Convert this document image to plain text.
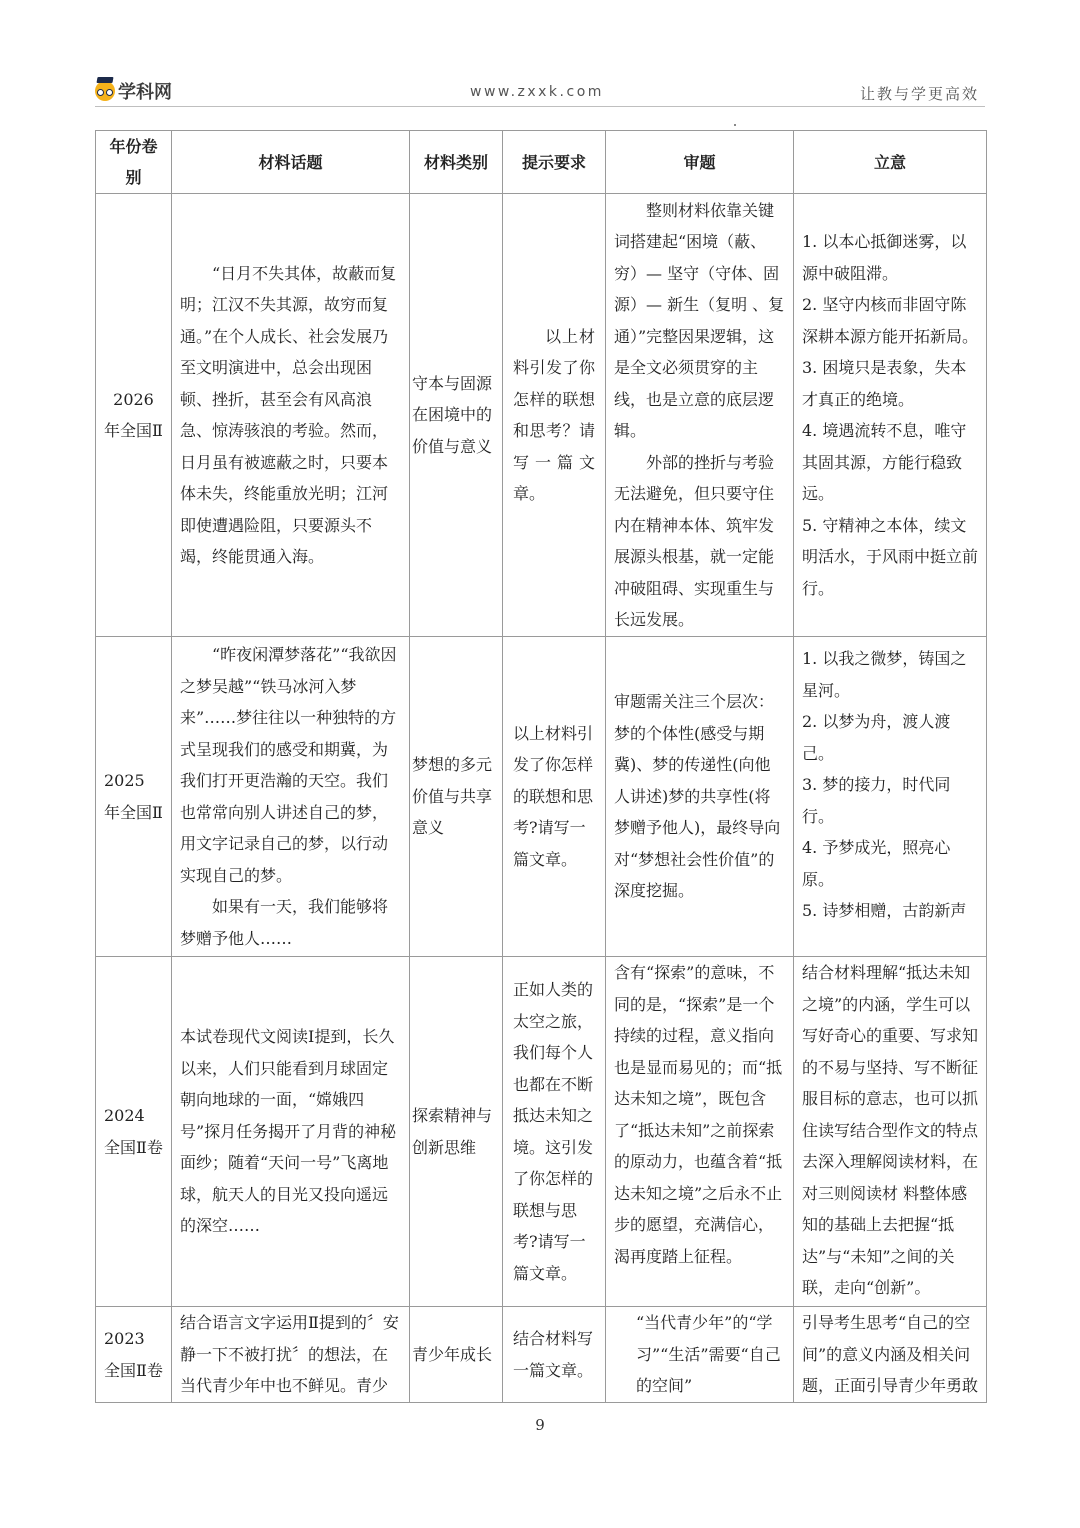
学科网	www.zxxk.com	让教与学更高效
年份卷别	材料话题	材料类别	提示要求	审题	立意
2026 年全国Ⅱ	“日月不失其体，故蔽而复明；江汉不失其源，故穷而复通。”在个人成长、社会发展乃至文明演进中，总会出现困顿、挫折，甚至会有风高浪急、惊涛骇浪的考验。然而，日月虽有被遮蔽之时，只要本体未失，终能重放光明；江河即使遭遇险阻，只要源头不竭，终能贯通入海。	守本与固源在困境中的价值与意义	以上材料引发了你怎样的联想和思考？请写一篇文章。	整则材料依靠关键词搭建起“困境（蔽、穷）— 坚守（守体、固源）— 新生（复明 、复通）”完整因果逻辑，这是全文必须贯穿的主线，也是立意的底层逻辑。
外部的挫折与考验无法避免，但只要守住内在精神本体、筑牢发展源头根基，就一定能冲破阻碍、实现重生与长远发展。	1. 以本心抵御迷雾，以源中破阻滞。
2. 坚守内核而非固守陈深耕本源方能开拓新局。
3. 困境只是表象，失本才真正的绝境。
4. 境遇流转不息，唯守其固其源，方能行稳致远。
5. 守精神之本体，续文明活水，于风雨中挺立前行。

2025 年全国Ⅱ	“昨夜闲潭梦落花”“我欲因之梦吴越”“铁马冰河入梦来”……梦往往以一种独特的方式呈现我们的感受和期冀，为我们打开更浩瀚的天空。我们也常常向别人讲述自己的梦，用文字记录自己的梦，以行动实现自己的梦。
如果有一天，我们能够将梦赠予他人……	梦想的多元价值与共享意义	以上材料引发了你怎样的联想和思考?请写一篇文章。	审题需关注三个层次：梦的个体性(感受与期冀)、梦的传递性(向他人讲述)梦的共享性(将梦赠予他人)，最终导向对“梦想社会性价值”的深度挖掘。	1. 以我之微梦，铸国之星河。
2. 以梦为舟，渡人渡己。
3. 梦的接力，时代同行。
4. 予梦成光，照亮心原。
5. 诗梦相赠，古韵新声

2024 全国Ⅱ卷	本试卷现代文阅读Ⅰ提到，长久以来，人们只能看到月球固定朝向地球的一面，“嫦娥四号”探月任务揭开了月背的神秘面纱；随着“天问一号”飞离地球，航天人的目光又投向遥远的深空……	探索精神与创新思维	正如人类的太空之旅，我们每个人也都在不断抵达未知之境。这引发了你怎样的联想与思考?请写一篇文章。	含有“探索”的意味，不同的是，“探索”是一个持续的过程，意义指向也是显而易见的；而“抵达未知之境”，既包含了“抵达未知”之前探索的原动力，也蕴含着“抵达未知之境”之后永不止步的愿望，充满信心，渴再度踏上征程。	结合材料理解“抵达未知之境”的内涵，学生可以写好奇心的重要、写求知的不易与坚持、写不断征服目标的意志，也可以抓住读写结合型作文的特点去深入理解阅读材料，在对三则阅读材 料整体感知的基础上去把握“抵达”与“未知”之间的关联，走向“创新”。

2023 全国Ⅱ卷	结合语言文字运用Ⅱ提到的〞安静一下不被打扰〞的想法，在当代青少年中也不鲜见。青少	青少年成长	结合材料写一篇文章。	“当代青少年”的“学习”“生活”需要“自己的空间”	引导考生思考“自己的空间”的意义内涵及相关问题，正面引导青少年勇敢
9
